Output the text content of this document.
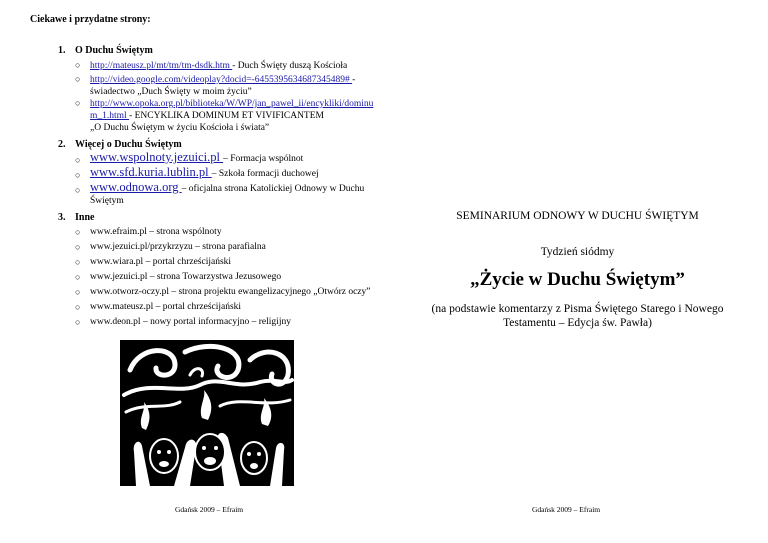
Ciekawe i przydatne strony:
1. O Duchu Świętym
○ http://mateusz.pl/mt/tm/tm-dsdk.htm - Duch Święty duszą Kościoła
○ http://video.google.com/videoplay?docid=-6455395634687345489# -
świadectwo „Duch Święty w moim życiu”
○ http://www.opoka.org.pl/biblioteka/W/WP/jan_pawel_ii/encykliki/dominu
m_1.html - ENCYKLIKA DOMINUM ET VIVIFICANTEM
„O Duchu Świętym w życiu Kościoła i świata”
2. Więcej o Duchu Świętym
○ www.wspolnoty.jezuici.pl – Formacja wspólnot
○ www.sfd.kuria.lublin.pl – Szkoła formacji duchowej
○ www.odnowa.org – oficjalna strona Katolickiej Odnowy w Duchu
Świętym
3. Inne
○ www.efraim.pl – strona wspólnoty
○ www.jezuici.pl/przykrzyzu – strona parafialna
○ www.wiara.pl – portal chrześcijański
○ www.jezuici.pl – strona Towarzystwa Jezusowego
○ www.otworz-oczy.pl – strona projektu ewangelizacyjnego „Otwórz oczy”
○ www.mateusz.pl – portal chrześcijański
○ www.deon.pl – nowy portal informacyjno – religijny
Gdańsk 2009 – Efraim
SEMINARIUM ODNOWY W DUCHU ŚWIĘTYM
Tydzień siódmy
„Życie w Duchu Świętym”
(na podstawie komentarzy z Pisma Świętego Starego i Nowego
Testamentu – Edycja św. Pawła)
Gdańsk 2009 – Efraim
